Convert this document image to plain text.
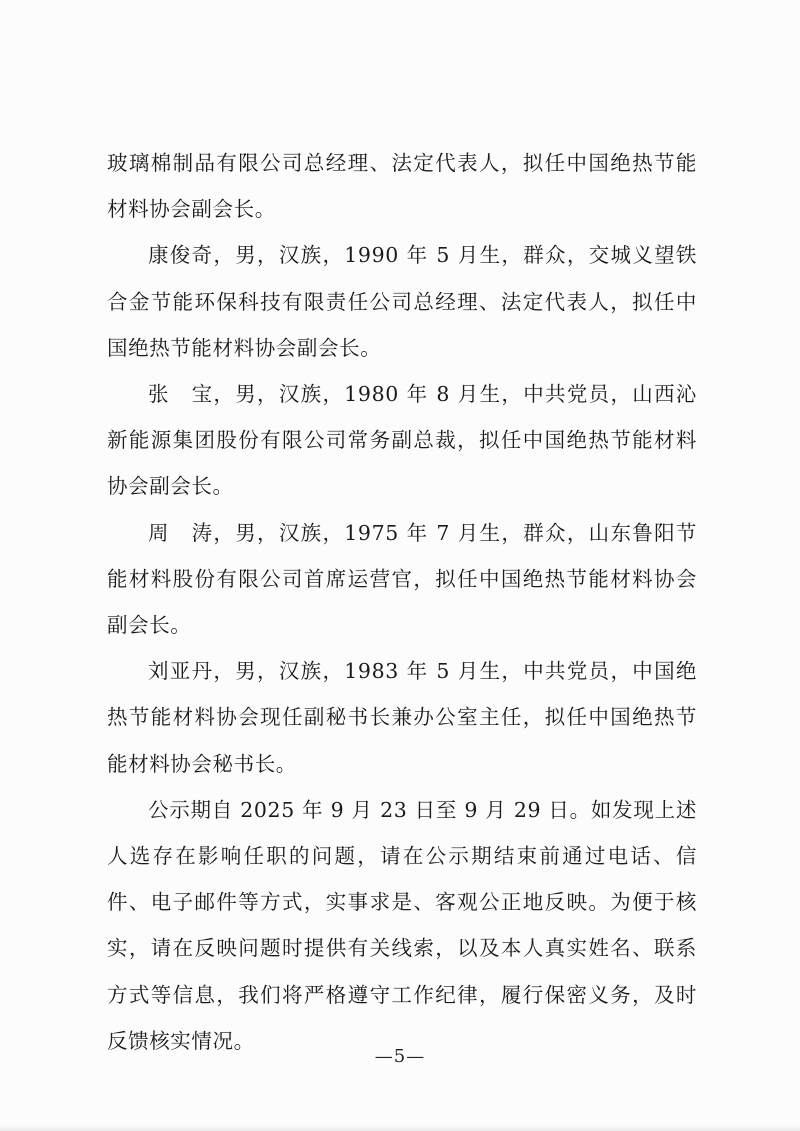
玻璃棉制品有限公司总经理、法定代表人，拟任中国绝热节能材料协会副会长。

康俊奇，男，汉族，1990 年 5 月生，群众，交城义望铁合金节能环保科技有限责任公司总经理、法定代表人，拟任中国绝热节能材料协会副会长。

张　宝，男，汉族，1980 年 8 月生，中共党员，山西沁新能源集团股份有限公司常务副总裁，拟任中国绝热节能材料协会副会长。

周　涛，男，汉族，1975 年 7 月生，群众，山东鲁阳节能材料股份有限公司首席运营官，拟任中国绝热节能材料协会副会长。

刘亚丹，男，汉族，1983 年 5 月生，中共党员，中国绝热节能材料协会现任副秘书长兼办公室主任，拟任中国绝热节能材料协会秘书长。

公示期自 2025 年 9 月 23 日至 9 月 29 日。如发现上述人选存在影响任职的问题，请在公示期结束前通过电话、信件、电子邮件等方式，实事求是、客观公正地反映。为便于核实，请在反映问题时提供有关线索，以及本人真实姓名、联系方式等信息，我们将严格遵守工作纪律，履行保密义务，及时反馈核实情况。

—5—
